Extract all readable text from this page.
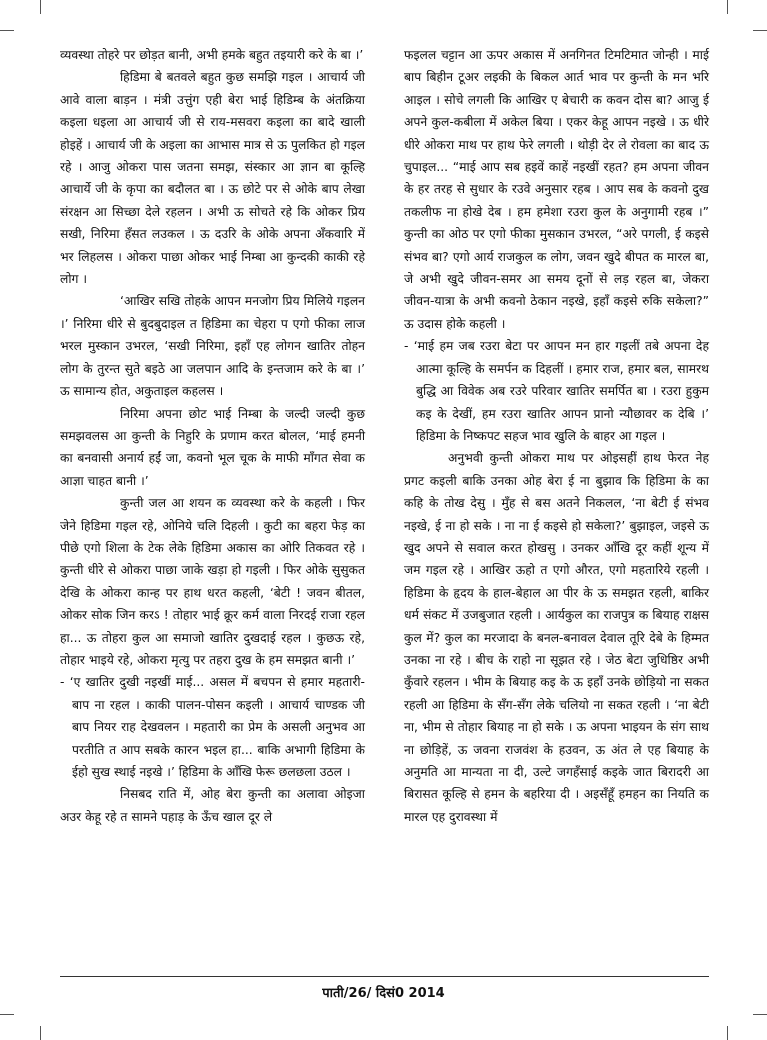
व्यवस्था तोहरे पर छोड़त बानी, अभी हमके बहुत तइयारी करे के बा ।’

हिडिमा बे बतवले बहुत कुछ समझि गइल । आचार्य जी आवे वाला बाड़न । मंत्री उत्तुंग एही बेरा भाई हिडिम्ब के अंतक्रिया कइला धइला आ आचार्य जी से राय-मसवरा कइला का बादे खाली होइहें । आचार्य जी के अइला का आभास मात्र से ऊ पुलकित हो गइल रहे । आजु ओकरा पास जतना समझ, संस्कार आ ज्ञान बा कूल्हि आचार्ये जी के कृपा का बदौलत बा । ऊ छोटे पर से ओके बाप लेखा संरक्षन आ सिच्छा देले रहलन । अभी ऊ सोचते रहे कि ओकर प्रिय सखी, निरिमा हँसत लउकल । ऊ दउरि के ओके अपना अँकवारि में भर लिहलस । ओकरा पाछा ओकर भाई निम्बा आ कुन्दकी काकी रहे लोग ।

‘आखिर सखि तोहके आपन मनजोग प्रिय मिलिये गइलन ।’ निरिमा धीरे से बुदबुदाइल त हिडिमा का चेहरा प एगो फीका लाज भरल मुस्कान उभरल, ‘सखी निरिमा, इहाँ एह लोगन खातिर तोहन लोग के तुरन्त सुते बइठे आ जलपान आदि के इन्तजाम करे के बा ।’ ऊ सामान्य होत, अकुताइल कहलस ।

निरिमा अपना छोट भाई निम्बा के जल्दी जल्दी कुछ समझवलस आ कुन्ती के निहुरि के प्रणाम करत बोलल, ‘माई हमनी का बनवासी अनार्य हईं जा, कवनो भूल चूक के माफी माँगत सेवा क आज्ञा चाहत बानी ।’

कुन्ती जल आ शयन क व्यवस्था करे के कहली । फिर जेने हिडिमा गइल रहे, ओनिये चलि दिहली । कुटी का बहरा फेड़ का पीछे एगो शिला के टेक लेके हिडिमा अकास का ओरि तिकवत रहे । कुन्ती धीरे से ओकरा पाछा जाके खड़ा हो गइली । फिर ओके सुसुकत देखि के ओकरा कान्ह पर हाथ धरत कहली, ‘बेटी ! जवन बीतल, ओकर सोक जिन करऽ ! तोहार भाई क्रूर कर्म वाला निरदई राजा रहल हा... ऊ तोहरा कुल आ समाजो खातिर दुखदाई रहल । कुछऊ रहे, तोहार भाइये रहे, ओकरा मृत्यु पर तहरा दुख के हम समझत बानी ।’

- ‘ए खातिर दुखी नइखीं माई... असल में बचपन से हमार महतारी-बाप ना रहल । काकी पालन-पोसन कइली । आचार्य चाण्डक जी बाप नियर राह देखवलन । महतारी का प्रेम के असली अनुभव आ परतीति त आप सबके कारन भइल हा... बाकि अभागी हिडिमा के ईहो सुख स्थाई नइखे ।’ हिडिमा के आँखि फेरू छलछला उठल ।

निसबद राति में, ओह बेरा कुन्ती का अलावा ओइजा अउर केहू रहे त सामने पहाड़ के ऊँच खाल दूर ले

फइलल चट्टान आ ऊपर अकास में अनगिनत टिमटिमात जोन्ही । माई बाप बिहीन टूअर लइकी के बिकल आर्त भाव पर कुन्ती के मन भरि आइल । सोचे लगली कि आखिर ए बेचारी क कवन दोस बा? आजु ई अपने कुल-कबीला में अकेल बिया । एकर केहू आपन नइखे । ऊ धीरे धीरे ओकरा माथ पर हाथ फेरे लगली । थोड़ी देर ले रोवला का बाद ऊ चुपाइल... “माई आप सब हइवें काहें नइखीं रहत? हम अपना जीवन के हर तरह से सुधार के रउवे अनुसार रहब । आप सब के कवनो दुख तकलीफ ना होखे देब । हम हमेशा रउरा कुल के अनुगामी रहब ।” कुन्ती का ओठ पर एगो फीका मुसकान उभरल, “अरे पगली, ई कइसे संभव बा? एगो आर्य राजकुल क लोग, जवन खुदे बीपत क मारल बा, जे अभी खुदे जीवन-समर आ समय दूनों से लड़ रहल बा, जेकरा जीवन-यात्रा के अभी कवनो ठेकान नइखे, इहाँ कइसे रुकि सकेला?” ऊ उदास होके कहली ।

- ‘माई हम जब रउरा बेटा पर आपन मन हार गइलीं तबे अपना देह आत्मा कूल्हि के समर्पन क दिहलीं । हमार राज, हमार बल, सामरथ बुद्धि आ विवेक अब रउरे परिवार खातिर समर्पित बा । रउरा हुकुम कइ के देखीं, हम रउरा खातिर आपन प्रानो न्यौछावर क देबि ।’ हिडिमा के निष्कपट सहज भाव खुलि के बाहर आ गइल ।

अनुभवी कुन्ती ओकरा माथ पर ओइसहीं हाथ फेरत नेह प्रगट कइली बाकि उनका ओह बेरा ई ना बुझाव कि हिडिमा के का कहि के तोख देसु । मुँह से बस अतने निकलल, ‘ना बेटी ई संभव नइखे, ई ना हो सके । ना ना ई कइसे हो सकेला?’ बुझाइल, जइसे ऊ खुद अपने से सवाल करत होखसु । उनकर आँखि दूर कहीं शून्य में जम गइल रहे । आखिर ऊहो त एगो औरत, एगो महतारिये रहली । हिडिमा के हृदय के हाल-बेहाल आ पीर के ऊ समझत रहली, बाकिर धर्म संकट में उजबुजात रहली । आर्यकुल का राजपुत्र क बियाह राक्षस कुल में? कुल का मरजादा के बनल-बनावल देवाल तूरि देबे के हिम्मत उनका ना रहे । बीच के राहो ना सूझत रहे । जेठ बेटा जुधिष्ठिर अभी कुँवारे रहलन । भीम के बियाह कइ के ऊ इहाँ उनके छोड़ियो ना सकत रहली आ हिडिमा के सँग-सँग लेके चलियो ना सकत रहली । ‘ना बेटी ना, भीम से तोहार बियाह ना हो सके । ऊ अपना भाइयन के संग साथ ना छोड़िहें, ऊ जवना राजवंश के हउवन, ऊ अंत ले एह बियाह के अनुमति आ मान्यता ना दी, उल्टे जगहँसाई कइके जात बिरादरी आ बिरासत कूल्हि से हमन के बहरिया दी । अइसँहूँ हमहन का नियति क मारल एह दुरावस्था में

पाती/26/ दिसं0 2014
